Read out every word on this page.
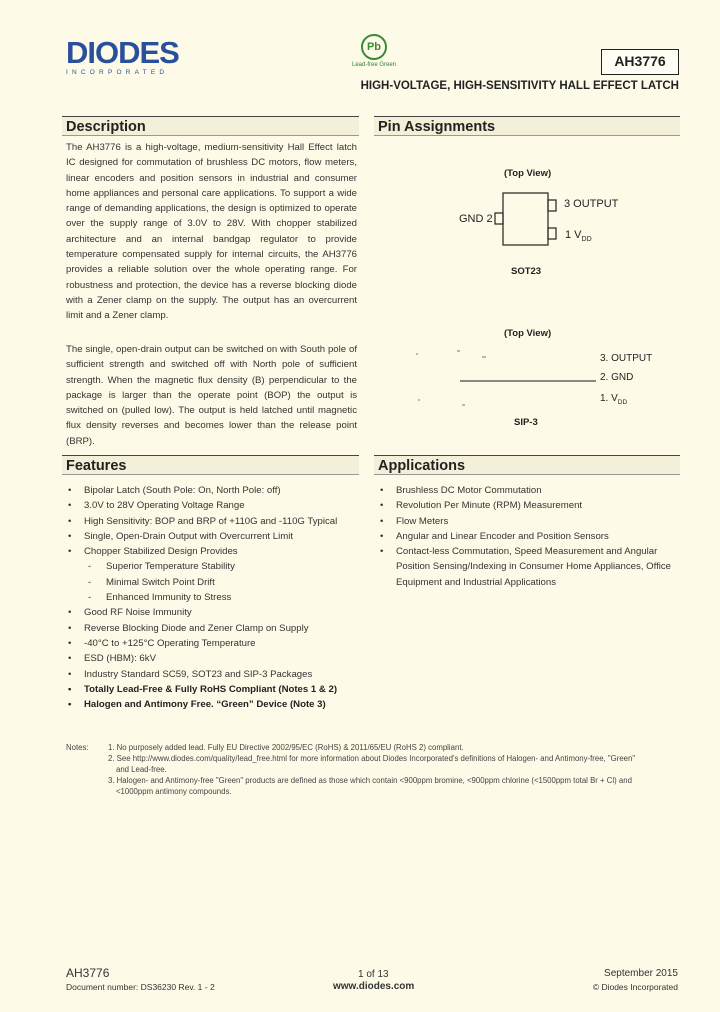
DIODES
INCORPORATED
Pb
Lead-free Green	AH3776
HIGH-VOLTAGE, HIGH-SENSITIVITY HALL EFFECT LATCH
Description
The AH3776 is a high-voltage, medium-sensitivity Hall Effect latch IC designed for commutation of brushless DC motors, flow meters, linear encoders and position sensors in industrial and consumer home appliances and personal care applications. To support a wide range of demanding applications, the design is optimized to operate over the supply range of 3.0V to 28V. With chopper stabilized architecture and an internal bandgap regulator to provide temperature compensated supply for internal circuits, the AH3776 provides a reliable solution over the whole operating range. For robustness and protection, the device has a reverse blocking diode with a Zener clamp on the supply. The output has an overcurrent limit and a Zener clamp.
The single, open-drain output can be switched on with South pole of sufficient strength and switched off with North pole of sufficient strength. When the magnetic flux density (B) perpendicular to the package is larger than the operate point (BOP) the output is switched on (pulled low). The output is held latched until magnetic flux density reverses and becomes lower than the release point (BRP).
Pin Assignments
(Top View)
3 OUTPUT
GND 2
1 $V_{DD}$
SOT23
(Top View)
3. OUTPUT
2. GND
1. $V_{DD}$
SIP-3
Features
• Bipolar Latch (South Pole: On, North Pole: off)
• 3.0V to 28V Operating Voltage Range
• High Sensitivity: BOP and BRP of +110G and -110G Typical
• Single, Open-Drain Output with Overcurrent Limit
• Chopper Stabilized Design Provides
- Superior Temperature Stability
- Minimal Switch Point Drift
- Enhanced Immunity to Stress
• Good RF Noise Immunity
• Reverse Blocking Diode and Zener Clamp on Supply
• -40°C to +125°C Operating Temperature
• ESD (HBM): 6kV
• Industry Standard SC59, SOT23 and SIP-3 Packages
• Totally Lead-Free & Fully RoHS Compliant (Notes 1 & 2)
• Halogen and Antimony Free. “Green” Device (Note 3)
Applications
• Brushless DC Motor Commutation
• Revolution Per Minute (RPM) Measurement
• Flow Meters
• Angular and Linear Encoder and Position Sensors
• Contact-less Commutation, Speed Measurement and Angular
Position Sensing/Indexing in Consumer Home Appliances, Office
Equipment and Industrial Applications
Notes: 1. No purposely added lead. Fully EU Directive 2002/95/EC (RoHS) & 2011/65/EU (RoHS 2) compliant.
2. See http://www.diodes.com/quality/lead_free.html for more information about Diodes Incorporated's definitions of Halogen- and Antimony-free, "Green"
and Lead-free.
3. Halogen- and Antimony-free "Green" products are defined as those which contain <900ppm bromine, <900ppm chlorine (<1500ppm total Br + Cl) and
<1000ppm antimony compounds.
AH3776
Document number: DS36230 Rev. 1 - 2
1 of 13
www.diodes.com
September 2015
© Diodes Incorporated
